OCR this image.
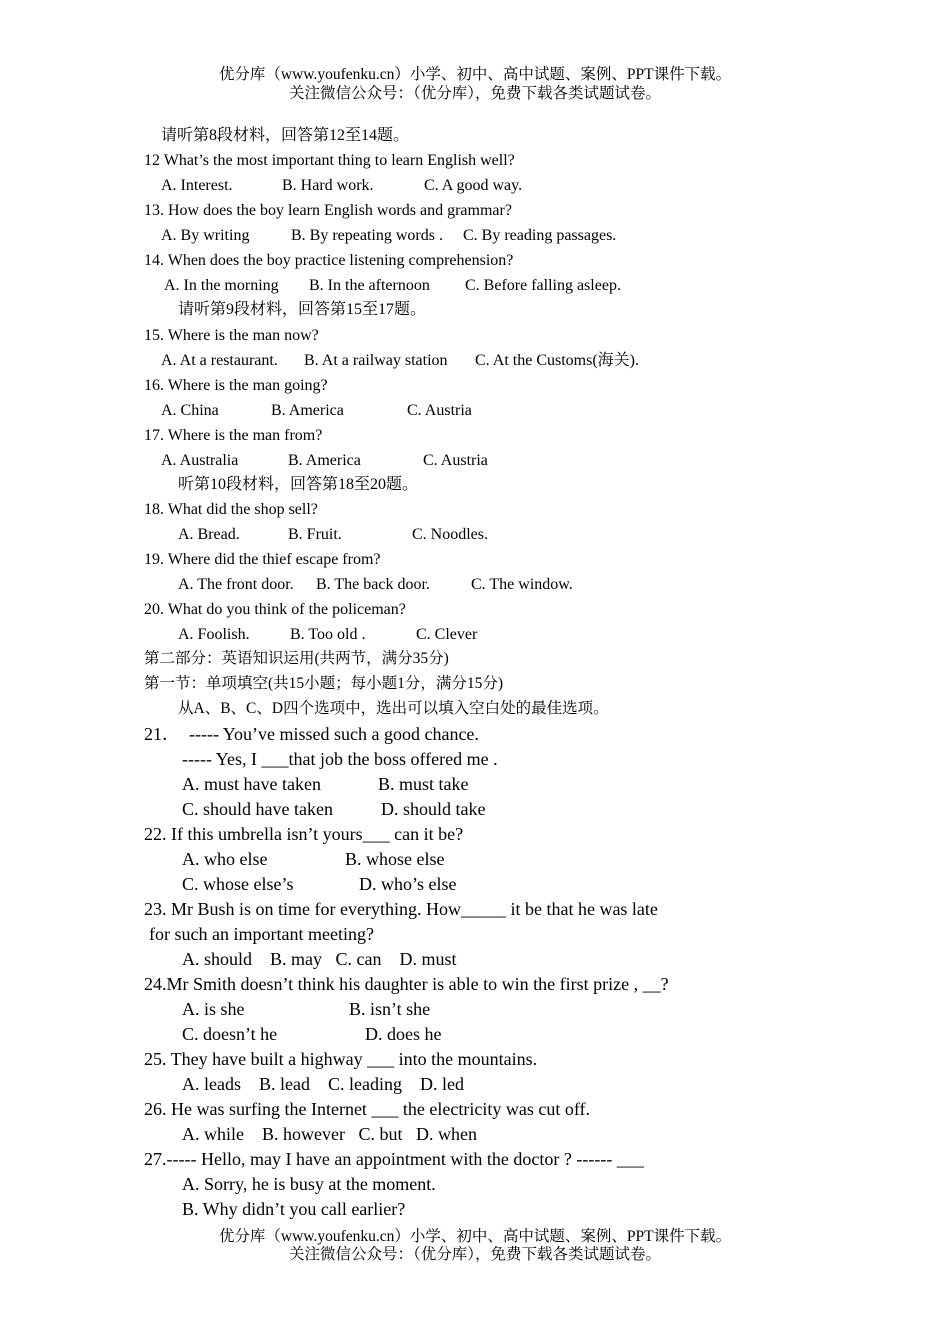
优分库（www.youfenku.cn）小学、初中、高中试题、案例、PPT课件下载。
关注微信公众号：（优分库），免费下载各类试题试卷。
请听第8段材料，回答第12至14题。
12 What’s the most important thing to learn English well?
A. Interest.	B. Hard work.	C. A good way.
13. How does the boy learn English words and grammar?
A. By writing	B. By repeating words . C. By reading passages.
14. When does the boy practice listening comprehension?
A. In the morning B. In the afternoon C. Before falling asleep.
请听第9段材料，回答第15至17题。
15. Where is the man now?
A. At a restaurant. B. At a railway station C. At the Customs(海关).
16. Where is the man going?
A. China	B. America	C. Austria
17. Where is the man from?
A. Australia	B. America	C. Austria
听第10段材料，回答第18至20题。
18. What did the shop sell?
A. Bread.	B. Fruit.	C. Noodles.
19. Where did the thief escape from?
A. The front door. B. The back door.	C. The window.
20. What do you think of the policeman?
A. Foolish.	B. Too old .	C. Clever
第二部分：英语知识运用(共两节，满分35分)
第一节：单项填空(共15小题；每小题1分，满分15分)
从A、B、C、D四个选项中，选出可以填入空白处的最佳选项。
21．  ----- You’ve missed such a good chance.
----- Yes, I ___that job the boss offered me .
A. must have taken	B. must take
C. should have taken	D. should take
22. If this umbrella isn’t yours___ can it be?
A. who else	B. whose else
C. whose else’s	D. who’s else
23. Mr Bush is on time for everything. How_____ it be that he was late
for such an important meeting?
A. should    B. may   C. can    D. must
24.Mr Smith doesn’t think his daughter is able to win the first prize , __?
A. is she	B. isn’t she
C. doesn’t he	D. does he
25. They have built a highway ___ into the mountains.
A. leads    B. lead    C. leading    D. led
26. He was surfing the Internet ___ the electricity was cut off.
A. while    B. however   C. but   D. when
27.----- Hello, may I have an appointment with the doctor ? ------ ___
A. Sorry, he is busy at the moment.
B. Why didn’t you call earlier?
优分库（www.youfenku.cn）小学、初中、高中试题、案例、PPT课件下载。
关注微信公众号：（优分库），免费下载各类试题试卷。
